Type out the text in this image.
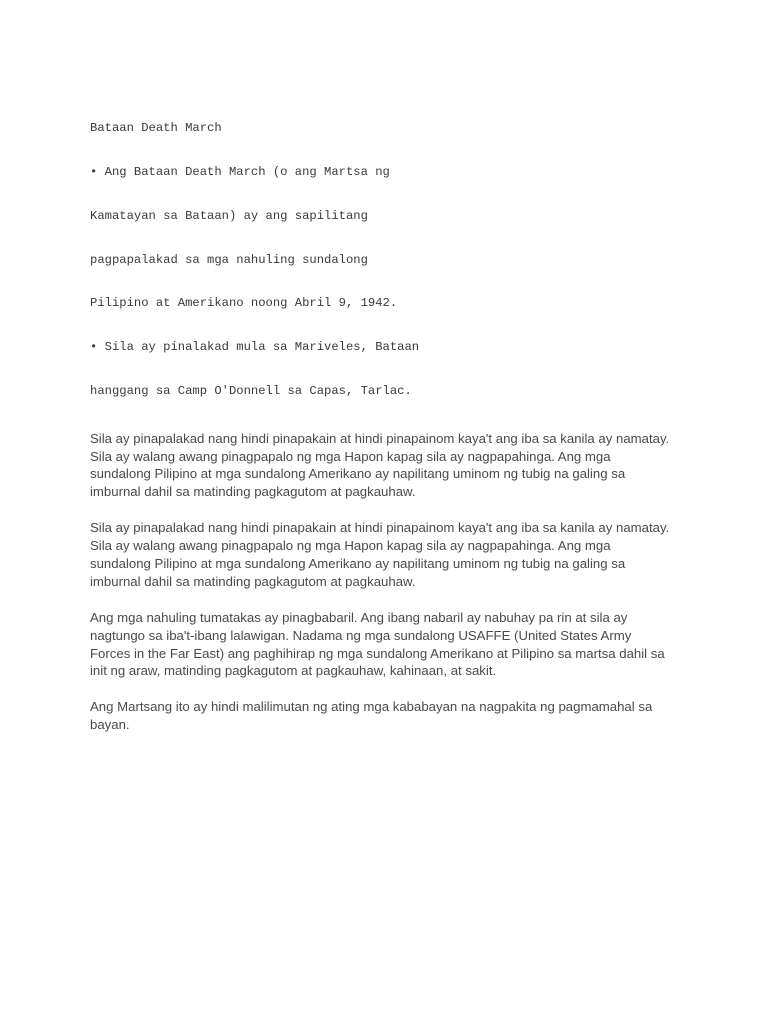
Bataan Death March

• Ang Bataan Death March (o ang Martsa ng

Kamatayan sa Bataan) ay ang sapilitang

pagpapalakad sa mga nahuling sundalong

Pilipino at Amerikano noong Abril 9, 1942.

• Sila ay pinalakad mula sa Mariveles, Bataan

hanggang sa Camp O'Donnell sa Capas, Tarlac.

Sila ay pinapalakad nang hindi pinapakain at hindi pinapainom kaya't ang iba sa kanila ay namatay. Sila ay walang awang pinagpapalo ng mga Hapon kapag sila ay nagpapahinga. Ang mga sundalong Pilipino at mga sundalong Amerikano ay napilitang uminom ng tubig na galing sa imburnal dahil sa matinding pagkagutom at pagkauhaw.

Sila ay pinapalakad nang hindi pinapakain at hindi pinapainom kaya't ang iba sa kanila ay namatay. Sila ay walang awang pinagpapalo ng mga Hapon kapag sila ay nagpapahinga. Ang mga sundalong Pilipino at mga sundalong Amerikano ay napilitang uminom ng tubig na galing sa imburnal dahil sa matinding pagkagutom at pagkauhaw.

Ang mga nahuling tumatakas ay pinagbabaril. Ang ibang nabaril ay nabuhay pa rin at sila ay nagtungo sa iba't-ibang lalawigan. Nadama ng mga sundalong USAFFE (United States Army Forces in the Far East) ang paghihirap ng mga sundalong Amerikano at Pilipino sa martsa dahil sa init ng araw, matinding pagkagutom at pagkauhaw, kahinaan, at sakit.

Ang Martsang ito ay hindi malilimutan ng ating mga kababayan na nagpakita ng pagmamahal sa bayan.
